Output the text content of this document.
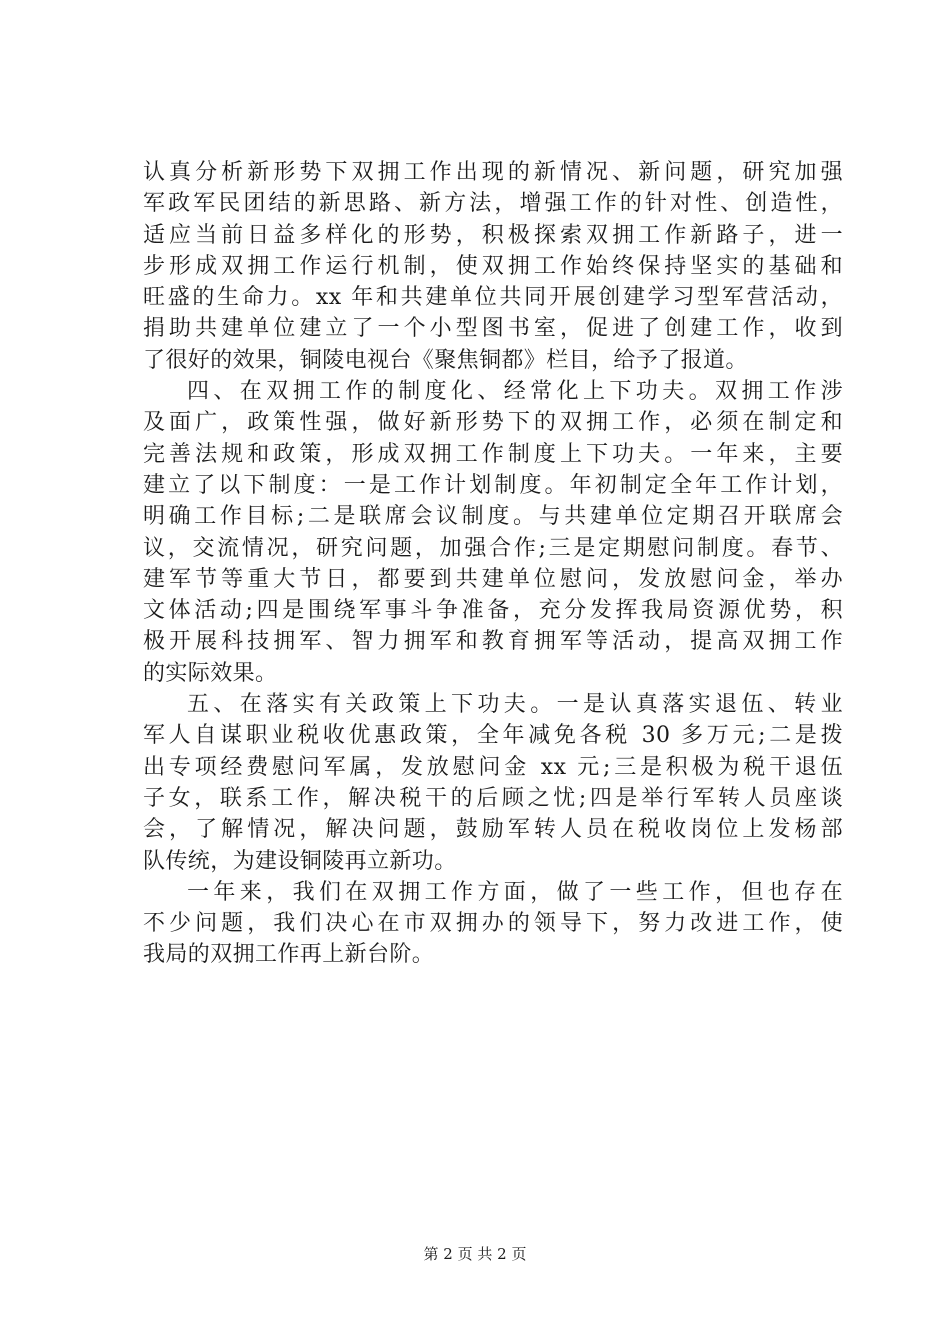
认真分析新形势下双拥工作出现的新情况、新问题，研究加强
军政军民团结的新思路、新方法，增强工作的针对性、创造性，
适应当前日益多样化的形势，积极探索双拥工作新路子，进一
步形成双拥工作运行机制，使双拥工作始终保持坚实的基础和
旺盛的生命力。xx 年和共建单位共同开展创建学习型军营活动，
捐助共建单位建立了一个小型图书室，促进了创建工作，收到
了很好的效果，铜陵电视台《聚焦铜都》栏目，给予了报道。
四、在双拥工作的制度化、经常化上下功夫。双拥工作涉
及面广，政策性强，做好新形势下的双拥工作，必须在制定和
完善法规和政策，形成双拥工作制度上下功夫。一年来，主要
建立了以下制度：一是工作计划制度。年初制定全年工作计划，
明确工作目标;二是联席会议制度。与共建单位定期召开联席会
议，交流情况，研究问题，加强合作;三是定期慰问制度。春节、
建军节等重大节日，都要到共建单位慰问，发放慰问金，举办
文体活动;四是围绕军事斗争准备，充分发挥我局资源优势，积
极开展科技拥军、智力拥军和教育拥军等活动，提高双拥工作
的实际效果。
五、在落实有关政策上下功夫。一是认真落实退伍、转业
军人自谋职业税收优惠政策，全年减免各税 30 多万元;二是拨
出专项经费慰问军属，发放慰问金 xx 元;三是积极为税干退伍
子女，联系工作，解决税干的后顾之忧;四是举行军转人员座谈
会，了解情况，解决问题，鼓励军转人员在税收岗位上发杨部
队传统，为建设铜陵再立新功。
一年来，我们在双拥工作方面，做了一些工作，但也存在
不少问题，我们决心在市双拥办的领导下，努力改进工作，使
我局的双拥工作再上新台阶。
第 2 页 共 2 页
